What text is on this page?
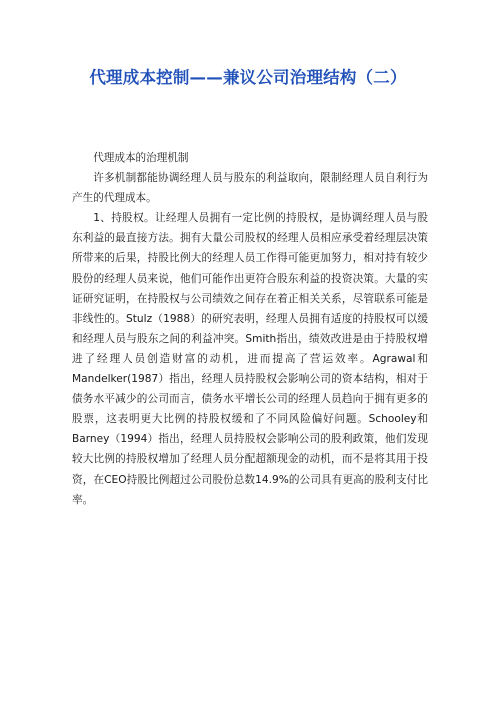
代理成本控制——兼议公司治理结构（二）

代理成本的治理机制

许多机制都能协调经理人员与股东的利益取向，限制经理人员自利行为产生的代理成本。

1、持股权。让经理人员拥有一定比例的持股权，是协调经理人员与股东利益的最直接方法。拥有大量公司股权的经理人员相应承受着经理层决策所带来的后果，持股比例大的经理人员工作得可能更加努力，相对持有较少股份的经理人员来说，他们可能作出更符合股东利益的投资决策。大量的实证研究证明，在持股权与公司绩效之间存在着正相关关系，尽管联系可能是非线性的。Stulz（1988）的研究表明，经理人员拥有适度的持股权可以缓和经理人员与股东之间的利益冲突。Smith指出，绩效改进是由于持股权增进了经理人员创造财富的动机，进而提高了营运效率。Agrawal和Mandelker(1987）指出，经理人员持股权会影响公司的资本结构，相对于债务水平减少的公司而言，债务水平增长公司的经理人员趋向于拥有更多的股票，这表明更大比例的持股权缓和了不同风险偏好问题。Schooley和Barney（1994）指出，经理人员持股权会影响公司的股利政策，他们发现较大比例的持股权增加了经理人员分配超额现金的动机，而不是将其用于投资，在CEO持股比例超过公司股份总数14.9%的公司具有更高的股利支付比率。
